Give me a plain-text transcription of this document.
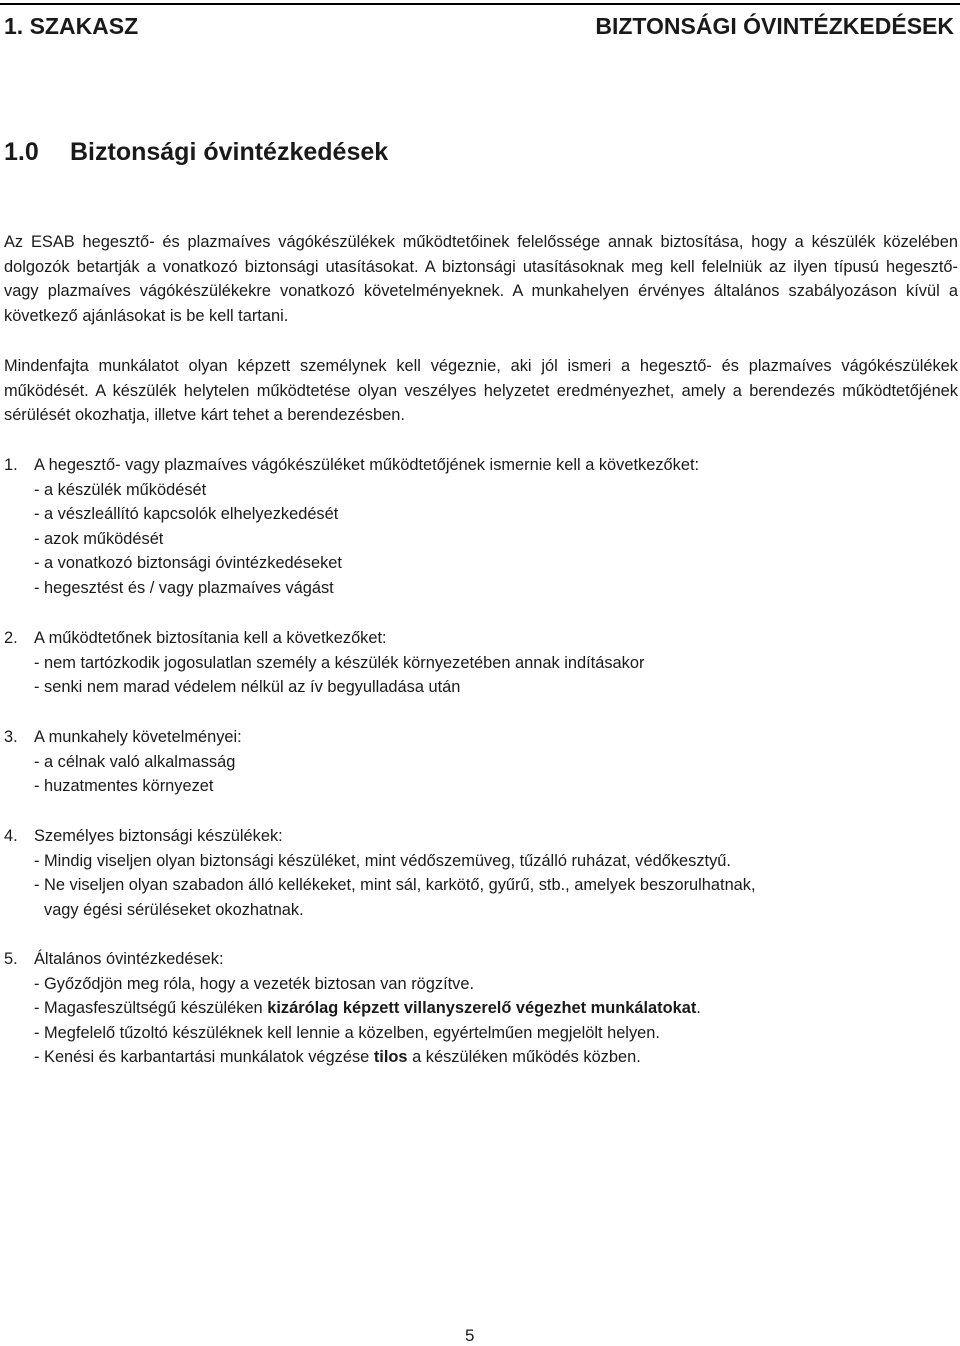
1. SZAKASZ	BIZTONSÁGI ÓVINTÉZKEDÉSEK
1.0 Biztonsági óvintézkedések

Az ESAB hegesztő- és plazmaíves vágókészülékek működtetőinek felelőssége annak biztosítása, hogy a készülék közelében dolgozók betartják a vonatkozó biztonsági utasításokat. A biztonsági utasításoknak meg kell felelniük az ilyen típusú hegesztő- vagy plazmaíves vágókészülékekre vonatkozó követelményeknek. A munkahelyen érvényes általános szabályozáson kívül a következő ajánlásokat is be kell tartani.

Mindenfajta munkálatot olyan képzett személynek kell végeznie, aki jól ismeri a hegesztő- és plazmaíves vágókészülékek működését. A készülék helytelen működtetése olyan veszélyes helyzetet eredményezhet, amely a berendezés működtetőjének sérülését okozhatja, illetve kárt tehet a berendezésben.

1. A hegesztő- vagy plazmaíves vágókészüléket működtetőjének ismernie kell a következőket:
- a készülék működését
- a vészleállító kapcsolók elhelyezkedését
- azok működését
- a vonatkozó biztonsági óvintézkedéseket
- hegesztést és / vagy plazmaíves vágást
2. A működtetőnek biztosítania kell a következőket:
- nem tartózkodik jogosulatlan személy a készülék környezetében annak indításakor
- senki nem marad védelem nélkül az ív begyulladása után
3. A munkahely követelményei:
- a célnak való alkalmasság
- huzatmentes környezet
4. Személyes biztonsági készülékek:
- Mindig viseljen olyan biztonsági készüléket, mint védőszemüveg, tűzálló ruházat, védőkesztyű.
- Ne viseljen olyan szabadon álló kellékeket, mint sál, karkötő, gyűrű, stb., amelyek beszorulhatnak,
vagy égési sérüléseket okozhatnak.
5. Általános óvintézkedések:
- Győződjön meg róla, hogy a vezeték biztosan van rögzítve.
- Magasfeszültségű készüléken kizárólag képzett villanyszerelő végezhet munkálatokat.
- Megfelelő tűzoltó készüléknek kell lennie a közelben, egyértelműen megjelölt helyen.
- Kenési és karbantartási munkálatok végzése tilos a készüléken működés közben.
5
